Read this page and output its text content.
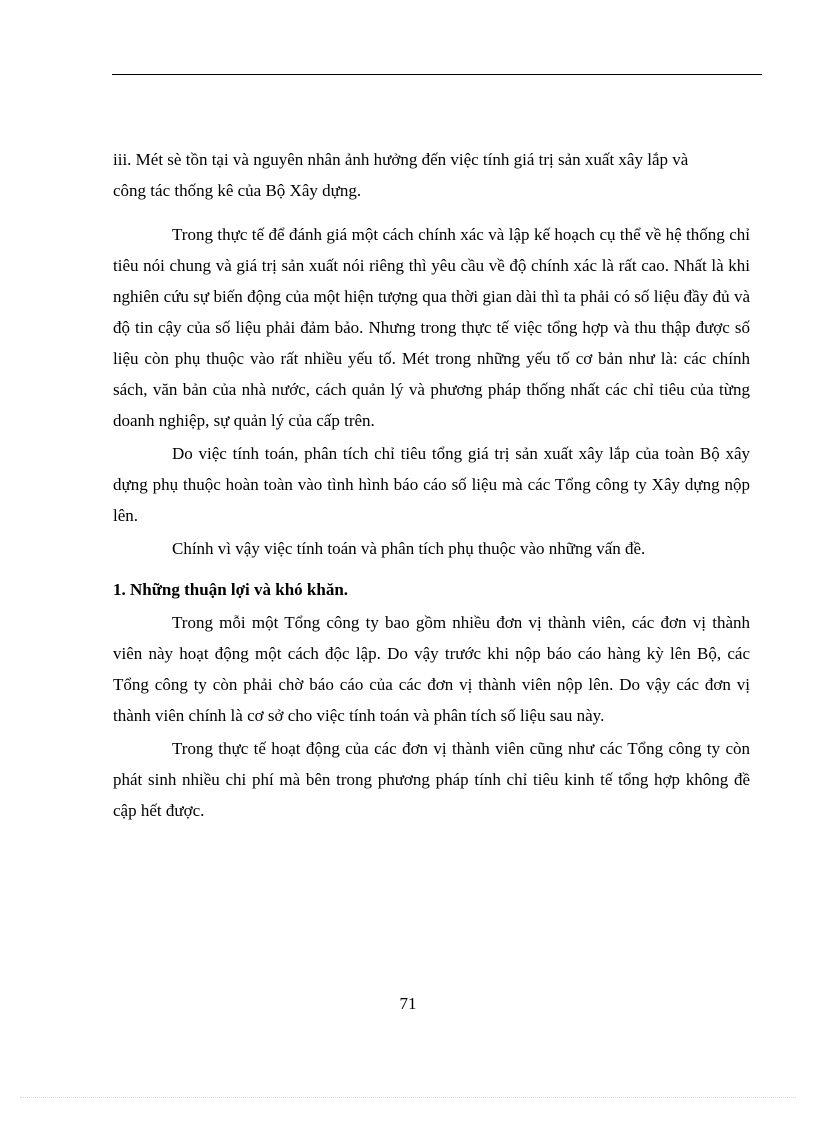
iii. Mét sè tồn tại và nguyên nhân ảnh hưởng đến việc tính giá trị sản xuất xây lắp và

công tác thống kê của Bộ Xây dựng.

Trong thực tế để đánh giá một cách chính xác và lập kế hoạch cụ thể về hệ thống chỉ tiêu nói chung và giá trị sản xuất nói riêng thì yêu cầu về độ chính xác là rất cao. Nhất là khi nghiên cứu sự biến động của một hiện tượng qua thời gian dài thì ta phải có số liệu đầy đủ và độ tin cậy của số liệu phải đảm bảo. Nhưng trong thực tế việc tổng hợp và thu thập được số liệu còn phụ thuộc vào rất nhiều yếu tố. Mét trong những yếu tố cơ bản như là: các chính sách, văn bản của nhà nước, cách quản lý và phương pháp thống nhất các chỉ tiêu của từng doanh nghiệp, sự quản lý của cấp trên.

Do việc tính toán, phân tích chỉ tiêu tổng giá trị sản xuất xây lắp của toàn Bộ xây dựng phụ thuộc hoàn toàn vào tình hình báo cáo số liệu mà các Tổng công ty Xây dựng nộp lên.

Chính vì vậy việc tính toán và phân tích phụ thuộc vào những vấn đề.

1. Những thuận lợi và khó khăn.

Trong mỗi một Tổng công ty bao gồm nhiều đơn vị thành viên, các đơn vị thành viên này hoạt động một cách độc lập. Do vậy trước khi nộp báo cáo hàng kỳ lên Bộ, các Tổng công ty còn phải chờ báo cáo của các đơn vị thành viên nộp lên. Do vậy các đơn vị thành viên chính là cơ sở cho việc tính toán và phân tích số liệu sau này.

Trong thực tế hoạt động của các đơn vị thành viên cũng như các Tổng công ty còn phát sinh nhiều chi phí mà bên trong phương pháp tính chỉ tiêu kinh tế tổng hợp không đề cập hết được.

71
